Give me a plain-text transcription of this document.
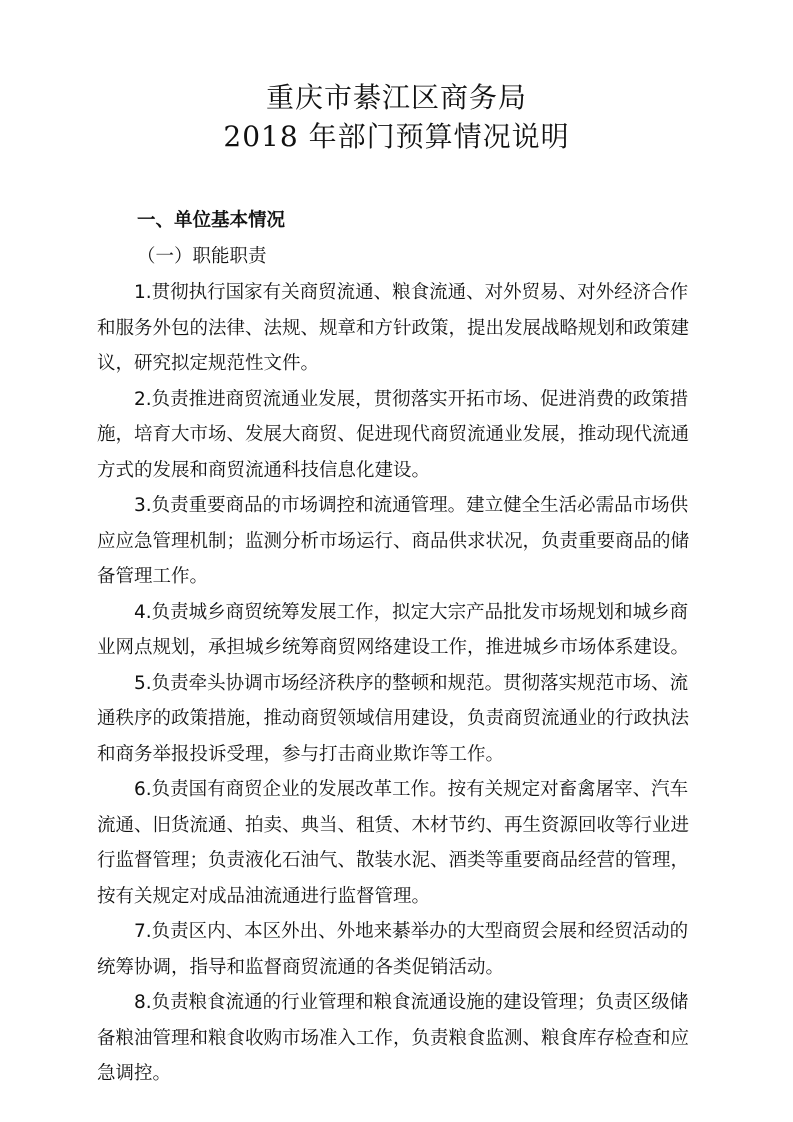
重庆市綦江区商务局
2018 年部门预算情况说明

一、单位基本情况

（一）职能职责

1.贯彻执行国家有关商贸流通、粮食流通、对外贸易、对外经济合作
和服务外包的法律、法规、规章和方针政策，提出发展战略规划和政策建
议，研究拟定规范性文件。
2.负责推进商贸流通业发展，贯彻落实开拓市场、促进消费的政策措
施，培育大市场、发展大商贸、促进现代商贸流通业发展，推动现代流通
方式的发展和商贸流通科技信息化建设。
3.负责重要商品的市场调控和流通管理。建立健全生活必需品市场供
应应急管理机制；监测分析市场运行、商品供求状况，负责重要商品的储
备管理工作。
4.负责城乡商贸统筹发展工作，拟定大宗产品批发市场规划和城乡商
业网点规划，承担城乡统筹商贸网络建设工作，推进城乡市场体系建设。
5.负责牵头协调市场经济秩序的整顿和规范。贯彻落实规范市场、流
通秩序的政策措施，推动商贸领域信用建设，负责商贸流通业的行政执法
和商务举报投诉受理，参与打击商业欺诈等工作。
6.负责国有商贸企业的发展改革工作。按有关规定对畜禽屠宰、汽车
流通、旧货流通、拍卖、典当、租赁、木材节约、再生资源回收等行业进
行监督管理；负责液化石油气、散装水泥、酒类等重要商品经营的管理，
按有关规定对成品油流通进行监督管理。
7.负责区内、本区外出、外地来綦举办的大型商贸会展和经贸活动的
统筹协调，指导和监督商贸流通的各类促销活动。
8.负责粮食流通的行业管理和粮食流通设施的建设管理；负责区级储
备粮油管理和粮食收购市场准入工作，负责粮食监测、粮食库存检查和应
急调控。
